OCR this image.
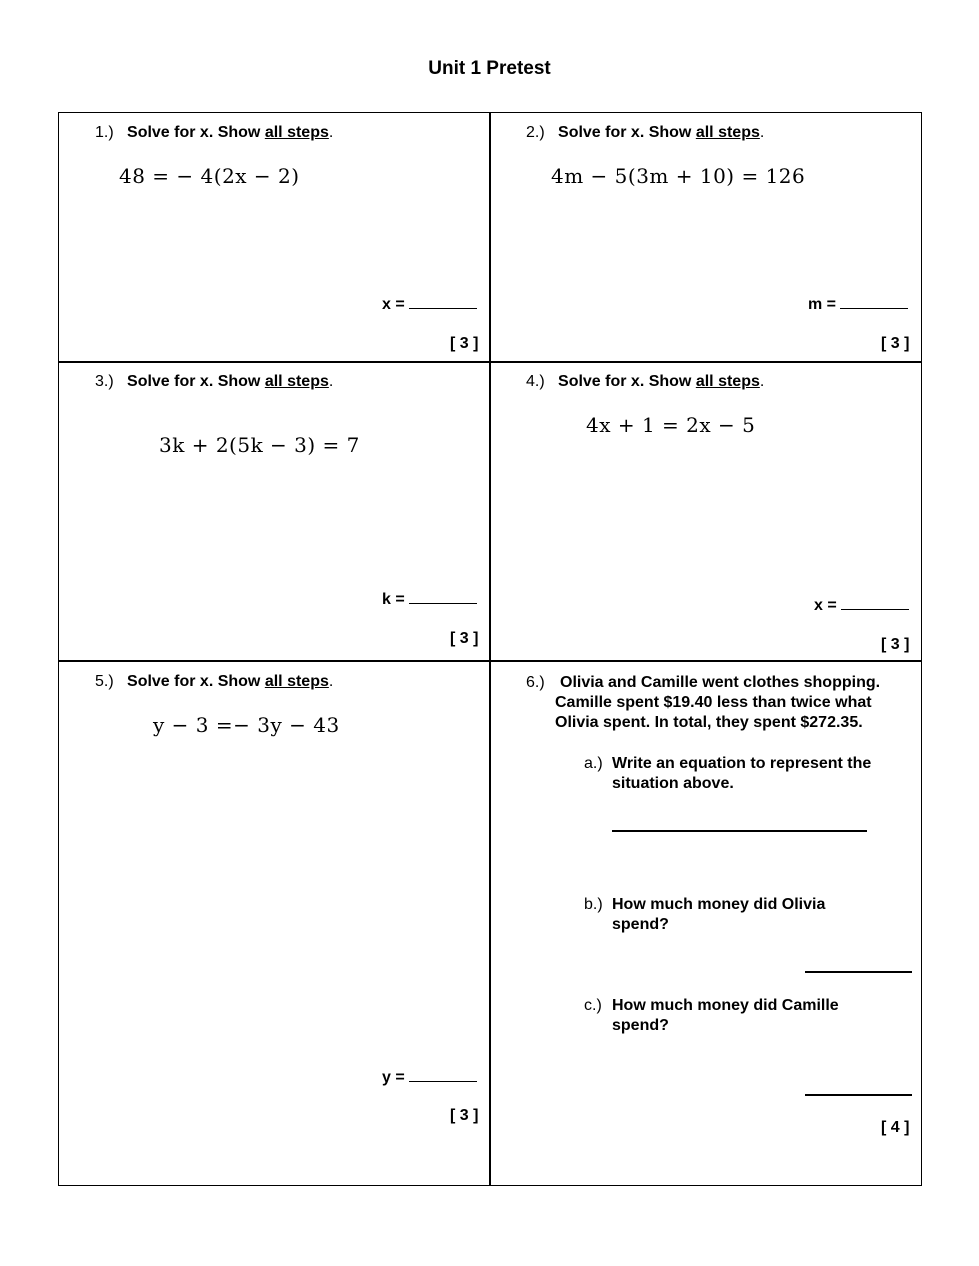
Unit 1 Pretest
1.) Solve for x. Show all steps.
48 = − 4(2x − 2)
x =
[ 3 ]
2.) Solve for x. Show all steps.
4m − 5(3m + 10) = 126
m =
[ 3 ]
3.) Solve for x. Show all steps.
3k + 2(5k − 3) = 7
k =
[ 3 ]
4.) Solve for x. Show all steps.
4x + 1 = 2x − 5
x =
[ 3 ]
5.) Solve for x. Show all steps.
y − 3 =− 3y − 43
y =
[ 3 ]
6.) Olivia and Camille went clothes shopping.
Camille spent $19.40 less than twice what
Olivia spent. In total, they spent $272.35.
a.) Write an equation to represent the
situation above.
b.) How much money did Olivia
spend?
c.) How much money did Camille
spend?
[ 4 ]
